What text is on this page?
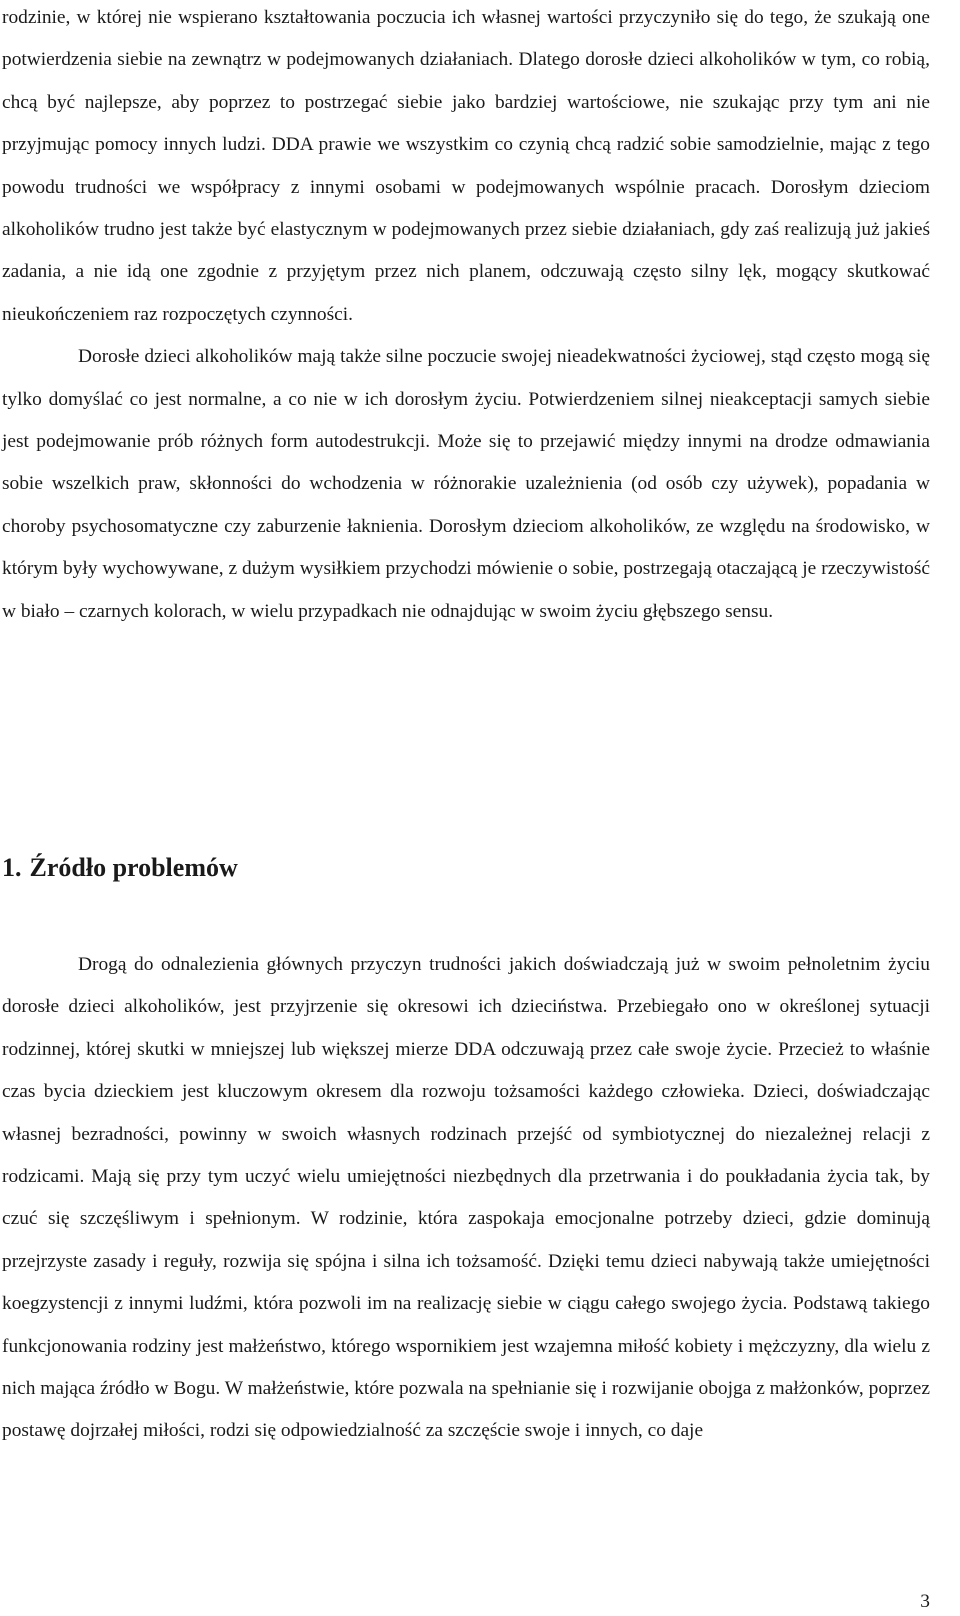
rodzinie, w której nie wspierano kształtowania poczucia ich własnej wartości przyczyniło się do tego, że szukają one potwierdzenia siebie na zewnątrz w podejmowanych działaniach. Dlatego dorosłe dzieci alkoholików w tym, co robią, chcą być najlepsze, aby poprzez to postrzegać siebie jako bardziej wartościowe, nie szukając przy tym ani nie przyjmując pomocy innych ludzi. DDA prawie we wszystkim co czynią chcą radzić sobie samodzielnie, mając z tego powodu trudności we współpracy z innymi osobami w podejmowanych wspólnie pracach. Dorosłym dzieciom alkoholików trudno jest także być elastycznym w podejmowanych przez siebie działaniach, gdy zaś realizują już jakieś zadania, a nie idą one zgodnie z przyjętym przez nich planem, odczuwają często silny lęk, mogący skutkować nieukończeniem raz rozpoczętych czynności.

Dorosłe dzieci alkoholików mają także silne poczucie swojej nieadekwatności życiowej, stąd często mogą się tylko domyślać co jest normalne, a co nie w ich dorosłym życiu. Potwierdzeniem silnej nieakceptacji samych siebie jest podejmowanie prób różnych form autodestrukcji. Może się to przejawić między innymi na drodze odmawiania sobie wszelkich praw, skłonności do wchodzenia w różnorakie uzależnienia (od osób czy używek), popadania w choroby psychosomatyczne czy zaburzenie łaknienia. Dorosłym dzieciom alkoholików, ze względu na środowisko, w którym były wychowywane, z dużym wysiłkiem przychodzi mówienie o sobie, postrzegają otaczającą je rzeczywistość w biało – czarnych kolorach, w wielu przypadkach nie odnajdując w swoim życiu głębszego sensu.

1. Źródło problemów

Drogą do odnalezienia głównych przyczyn trudności jakich doświadczają już w swoim pełnoletnim życiu dorosłe dzieci alkoholików, jest przyjrzenie się okresowi ich dzieciństwa. Przebiegało ono w określonej sytuacji rodzinnej, której skutki w mniejszej lub większej mierze DDA odczuwają przez całe swoje życie. Przecież to właśnie czas bycia dzieckiem jest kluczowym okresem dla rozwoju tożsamości każdego człowieka. Dzieci, doświadczając własnej bezradności, powinny w swoich własnych rodzinach przejść od symbiotycznej do niezależnej relacji z rodzicami. Mają się przy tym uczyć wielu umiejętności niezbędnych dla przetrwania i do poukładania życia tak, by czuć się szczęśliwym i spełnionym. W rodzinie, która zaspokaja emocjonalne potrzeby dzieci, gdzie dominują przejrzyste zasady i reguły, rozwija się spójna i silna ich tożsamość. Dzięki temu dzieci nabywają także umiejętności koegzystencji z innymi ludźmi, która pozwoli im na realizację siebie w ciągu całego swojego życia. Podstawą takiego funkcjonowania rodziny jest małżeństwo, którego wspornikiem jest wzajemna miłość kobiety i mężczyzny, dla wielu z nich mająca źródło w Bogu. W małżeństwie, które pozwala na spełnianie się i rozwijanie obojga z małżonków, poprzez postawę dojrzałej miłości, rodzi się odpowiedzialność za szczęście swoje i innych, co daje

3
